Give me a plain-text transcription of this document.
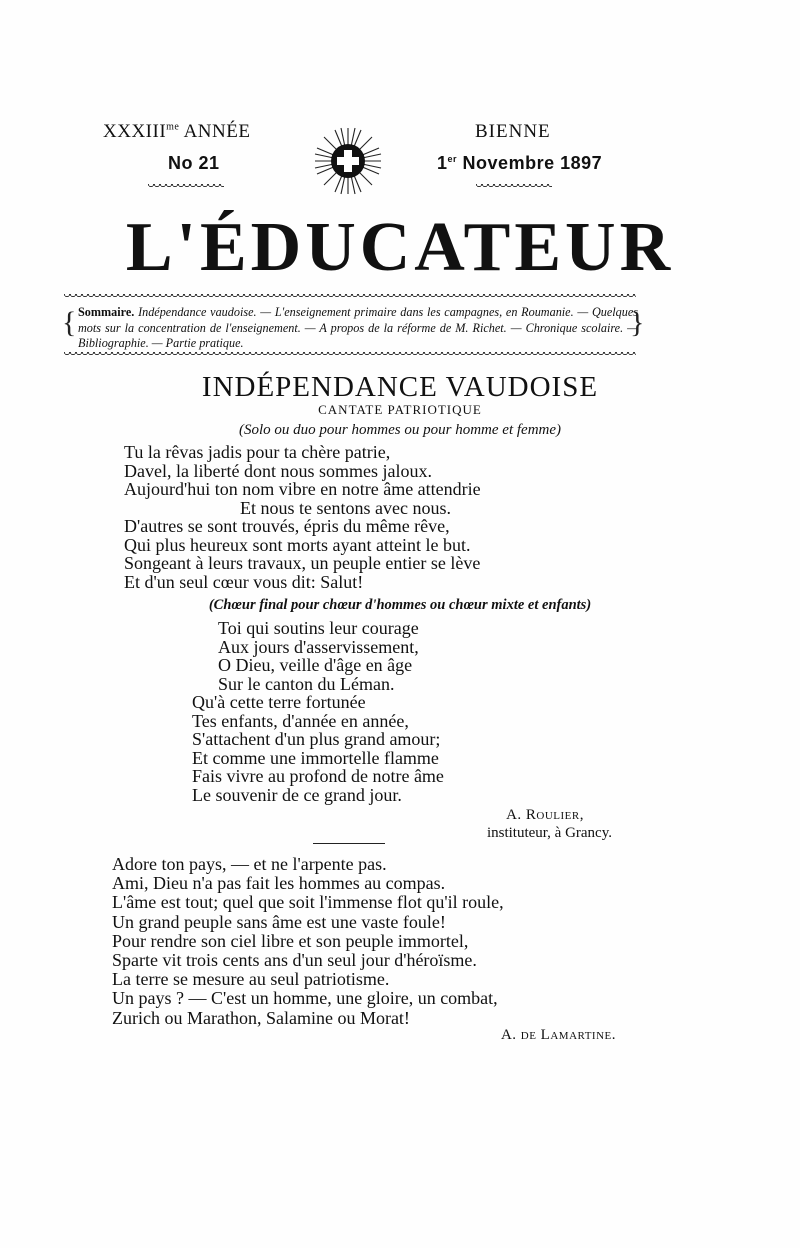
$XXXIII^{me}$ ANNÉE
No 21
BIENNE
1er Novembre 1897
L'ÉDUCATEUR
{ Sommaire. Indépendance vaudoise. — L'enseignement primaire dans les campagnes, en Roumanie. — Quelques mots sur la concentration de l'enseignement. — A propos de la réforme de M. Richet. — Chronique scolaire. — Bibliographie. — Partie pratique.
}
INDÉPENDANCE VAUDOISE
CANTATE PATRIOTIQUE
(Solo ou duo pour hommes ou pour homme et femme)
Tu la rêvas jadis pour ta chère patrie,
Davel, la liberté dont nous sommes jaloux.
Aujourd'hui ton nom vibre en notre âme attendrie
Et nous te sentons avec nous.
D'autres se sont trouvés, épris du même rêve,
Qui plus heureux sont morts ayant atteint le but.
Songeant à leurs travaux, un peuple entier se lève
Et d'un seul cœur vous dit: Salut!
(Chœur final pour chœur d'hommes ou chœur mixte et enfants)
Toi qui soutins leur courage
Aux jours d'asservissement,
O Dieu, veille d'âge en âge
Sur le canton du Léman.
Qu'à cette terre fortunée
Tes enfants, d'année en année,
S'attachent d'un plus grand amour;
Et comme une immortelle flamme
Fais vivre au profond de notre âme
Le souvenir de ce grand jour.
A. Roulier,
instituteur, à Grancy.
Adore ton pays, — et ne l'arpente pas.
Ami, Dieu n'a pas fait les hommes au compas.
L'âme est tout; quel que soit l'immense flot qu'il roule,
Un grand peuple sans âme est une vaste foule!
Pour rendre son ciel libre et son peuple immortel,
Sparte vit trois cents ans d'un seul jour d'héroïsme.
La terre se mesure au seul patriotisme.
Un pays ? — C'est un homme, une gloire, un combat,
Zurich ou Marathon, Salamine ou Morat!
A. de Lamartine.
